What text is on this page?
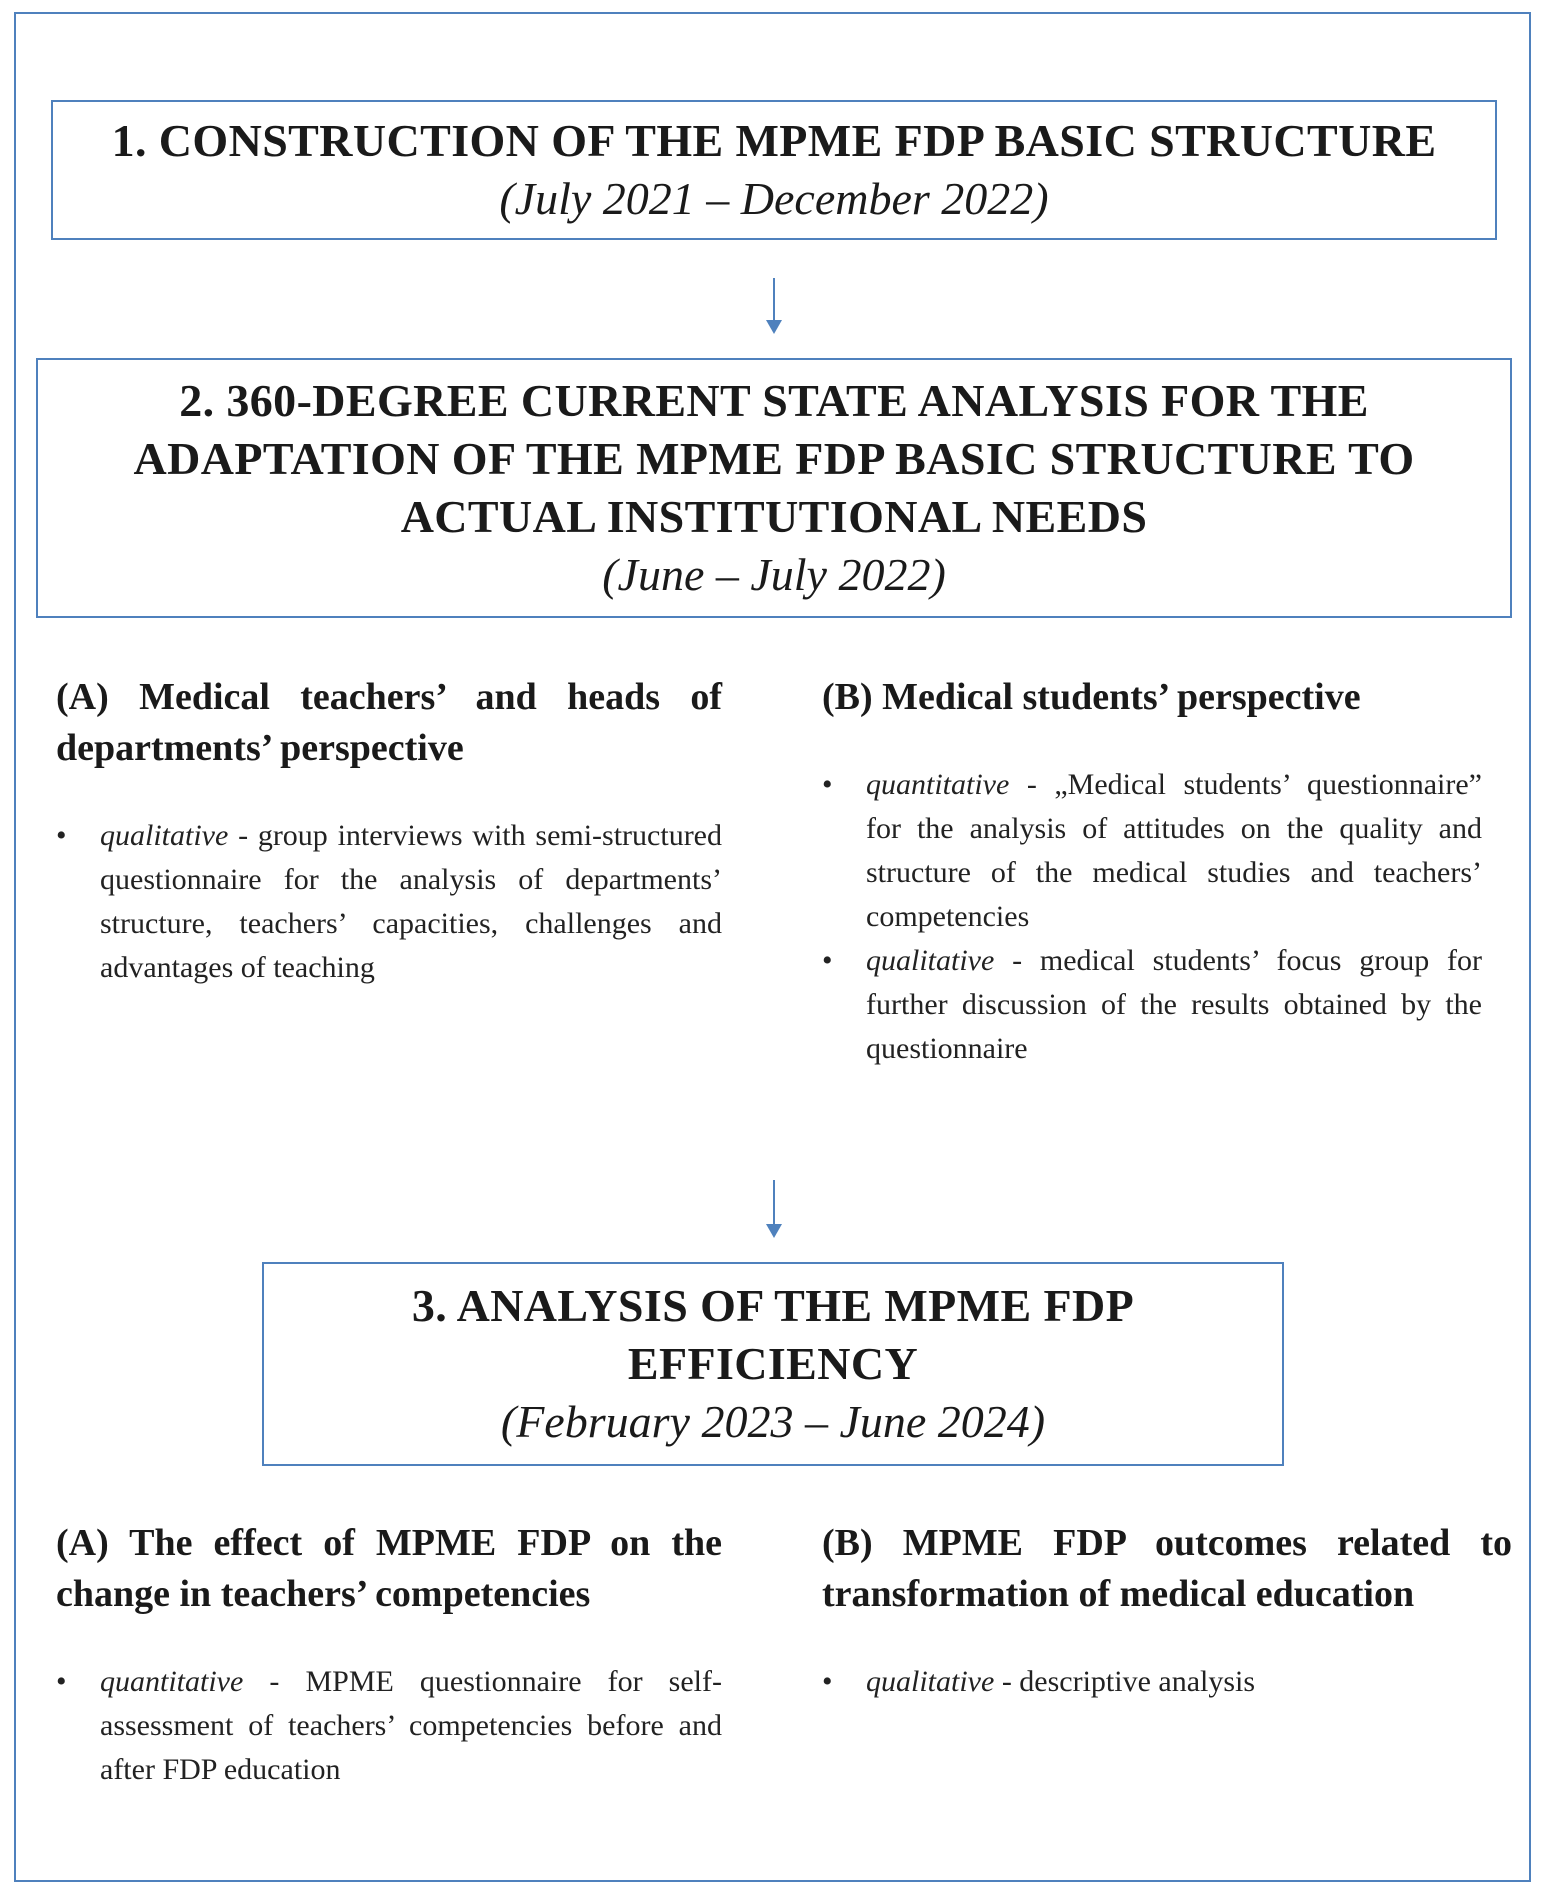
1. CONSTRUCTION OF THE MPME FDP BASIC STRUCTURE
(July 2021 – December 2022)
2. 360-DEGREE CURRENT STATE ANALYSIS FOR THE
ADAPTATION OF THE MPME FDP BASIC STRUCTURE TO
ACTUAL INSTITUTIONAL NEEDS
(June – July 2022)

(A) Medical teachers’ and heads of departments’ perspective

• qualitative - group interviews with semi-structured questionnaire for the analysis of departments’ structure, teachers’ capacities, challenges and advantages of teaching

(B) Medical students’ perspective

• quantitative - „Medical students’ questionnaire” for the analysis of attitudes on the quality and structure of the medical studies and teachers’ competencies
• qualitative - medical students’ focus group for further discussion of the results obtained by the questionnaire
3. ANALYSIS OF THE MPME FDP
EFFICIENCY
(February 2023 – June 2024)

(A) The effect of MPME FDP on the change in teachers’ competencies

• quantitative - MPME questionnaire for self-assessment of teachers’ competencies before and after FDP education

(B) MPME FDP outcomes related to transformation of medical education

• qualitative - descriptive analysis
